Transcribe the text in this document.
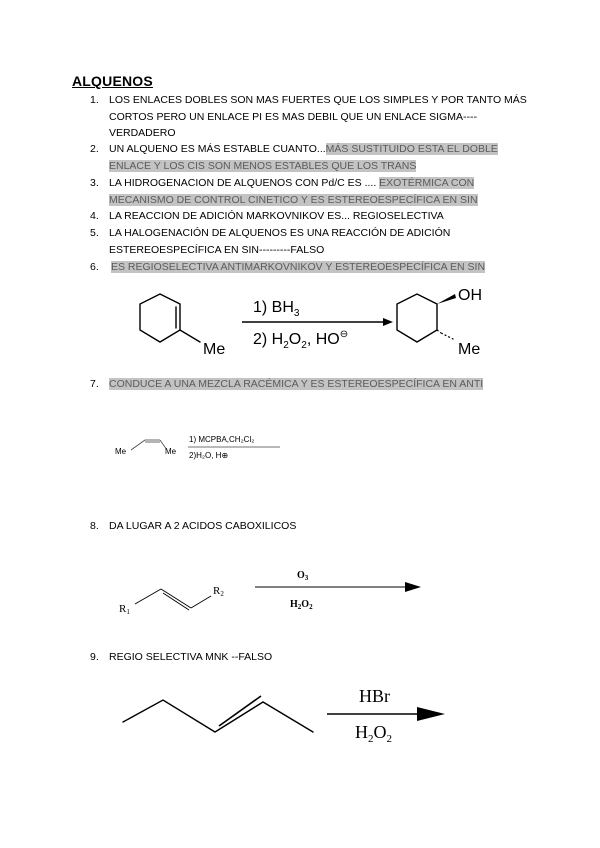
ALQUENOS
1. LOS ENLACES DOBLES SON MAS FUERTES QUE LOS SIMPLES Y POR TANTO MÁS CORTOS PERO UN ENLACE PI ES MAS DEBIL QUE UN ENLACE SIGMA---- VERDADERO
2. UN ALQUENO ES MÁS ESTABLE CUANTO...MÁS SUSTITUIDO ESTA EL DOBLE ENLACE Y LOS CIS SON MENOS ESTABLES QUE LOS TRANS
3. LA HIDROGENACION DE ALQUENOS CON Pd/C ES .... EXOTÉRMICA CON MECANISMO DE CONTROL CINETICO Y ES ESTEREOESPECÍFICA EN SIN
4. LA REACCION DE ADICIÓN MARKOVNIKOV ES... REGIOSELECTIVA
5. LA HALOGENACIÓN DE ALQUENOS ES UNA REACCIÓN DE ADICIÓN ESTEREOESPECÍFICA EN SIN---------FALSO
6.	ES REGIOSELECTIVA ANTIMARKOVNIKOV Y ESTEREOESPECÍFICA EN SIN
Me
1) $BH_3$
2) $H_2O_2$, HO⊖
OH
Me
7. CONDUCE A UNA MEZCLA RACÉMICA Y ES ESTEREOESPECÍFICA EN ANTI
Me	Me
1) MCPBA,CH₂Cl₂
2)H₂O, H⊕
8. DA LUGAR A 2 ACIDOS CABOXILICOS
R1
R2
$O_3$
$H_2O_2$
9. REGIO SELECTIVA MNK --FALSO
HBr
$H_2O_2$
